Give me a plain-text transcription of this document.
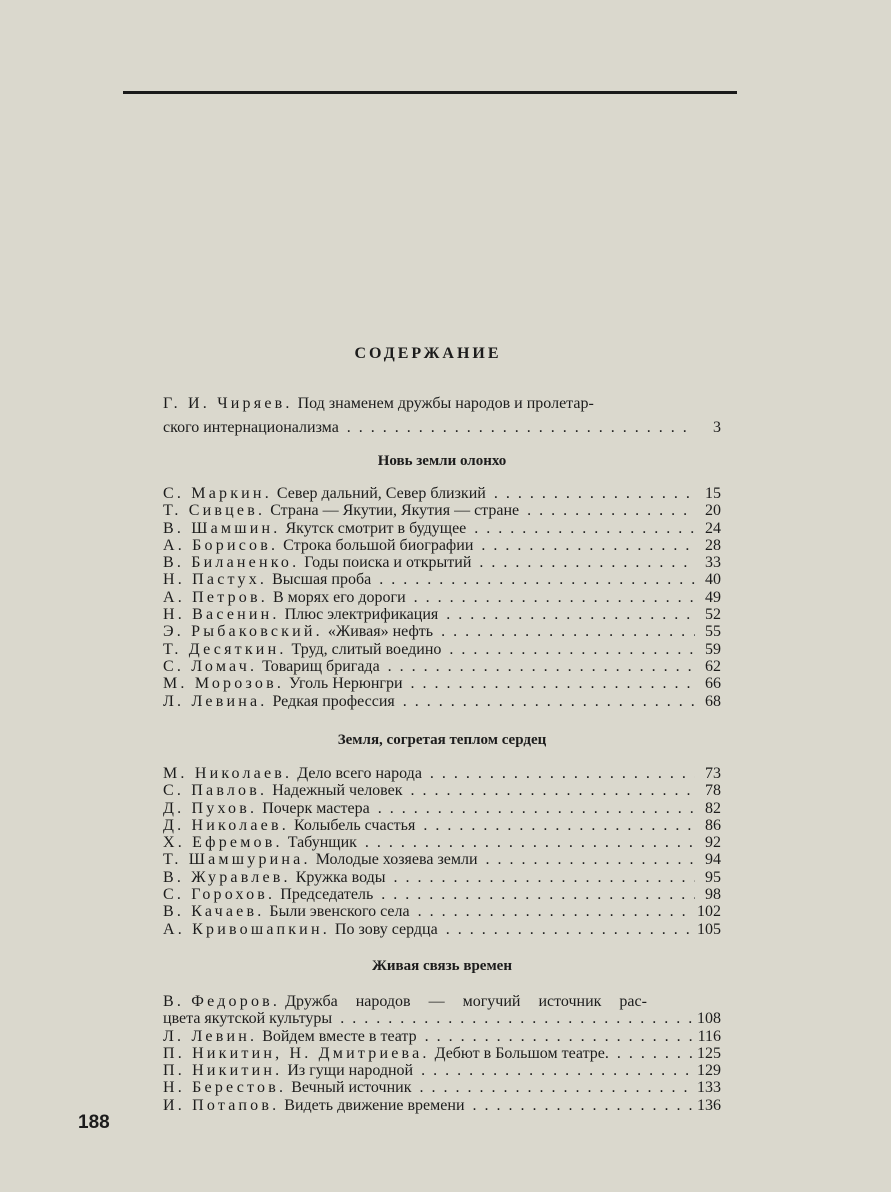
СОДЕРЖАНИЕ
Г. И. Чиряев. Под знаменем дружбы народов и пролетар-
ского интернационализма . .	3
Новь земли олонхо
С. Маркин. Север дальний, Север близкий . .	15
Т. Сивцев. Страна — Якутии, Якутия — стране . .	20
В. Шамшин. Якутск смотрит в будущее . .	24
А. Борисов. Строка большой биографии . .	28
В. Биланенко. Годы поиска и открытий . .	33
Н. Пастух. Высшая проба . .	40
А. Петров. В морях его дороги . .	49
Н. Васенин. Плюс электрификация . .	52
Э. Рыбаковский. «Живая» нефть . .	55
Т. Десяткин. Труд, слитый воедино . .	59
С. Ломач. Товарищ бригада . .	62
М. Морозов. Уголь Нерюнгри . .	66
Л. Левина. Редкая профессия . .	68
Земля, согретая теплом сердец
М. Николаев. Дело всего народа . .	73
С. Павлов. Надежный человек . .	78
Д. Пухов. Почерк мастера . .	82
Д. Николаев. Колыбель счастья . .	86
Х. Ефремов. Табунщик . .	92
Т. Шамшурина. Молодые хозяева земли . .	94
В. Журавлев. Кружка воды . .	95
С. Горохов. Председатель . .	98
В. Качаев. Были эвенского села . .	102
А. Кривошапкин. По зову сердца . .	105
Живая связь времен
В. Федоров. Дружба народов — могучий источник рас-
цвета якутской культуры . .	108
Л. Левин. Войдем вместе в театр . .	116
П. Никитин, Н. Дмитриева. Дебют в Большом театре. . .	125
П. Никитин. Из гущи народной . .	129
Н. Берестов. Вечный источник . .	133
И. Потапов. Видеть движение времени . .	136
188
